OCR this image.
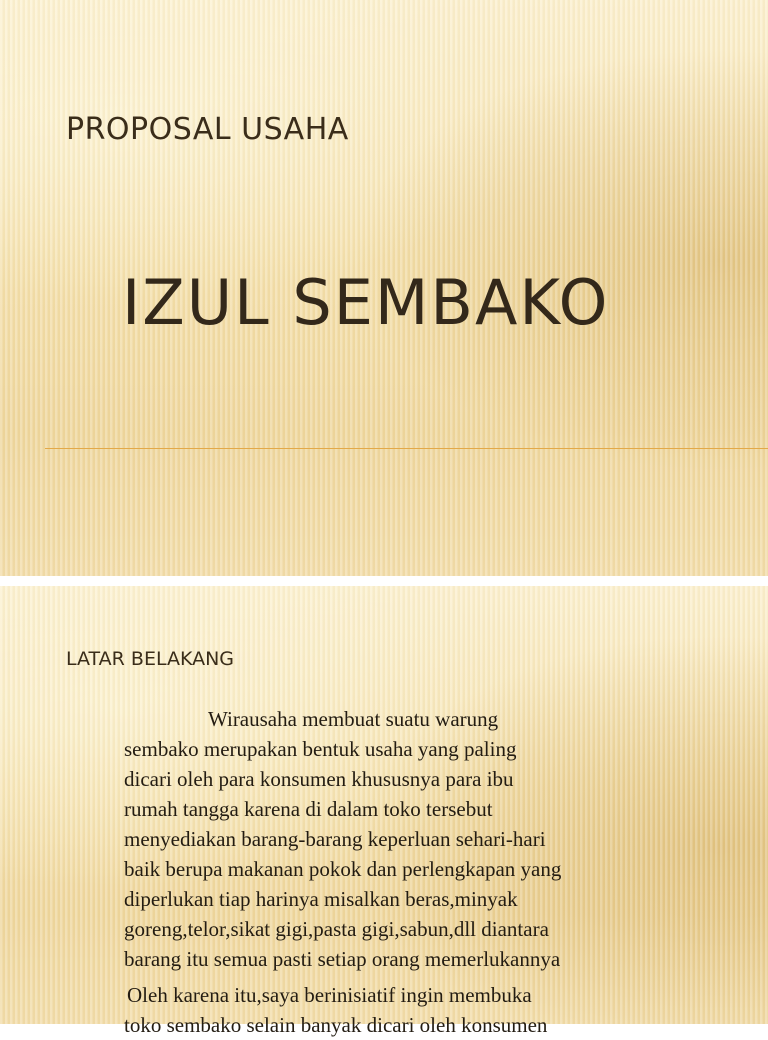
PROPOSAL USAHA
IZUL SEMBAKO
LATAR BELAKANG
Wirausaha membuat suatu warung
sembako merupakan bentuk usaha yang paling
dicari oleh para konsumen khususnya para ibu
rumah tangga karena di dalam toko tersebut
menyediakan barang-barang keperluan sehari-hari
baik berupa makanan pokok dan perlengkapan yang
diperlukan tiap harinya misalkan beras,minyak
goreng,telor,sikat gigi,pasta gigi,sabun,dll diantara
barang itu semua pasti setiap orang memerlukannya
Oleh karena itu,saya berinisiatif ingin membuka
toko sembako selain banyak dicari oleh konsumen
